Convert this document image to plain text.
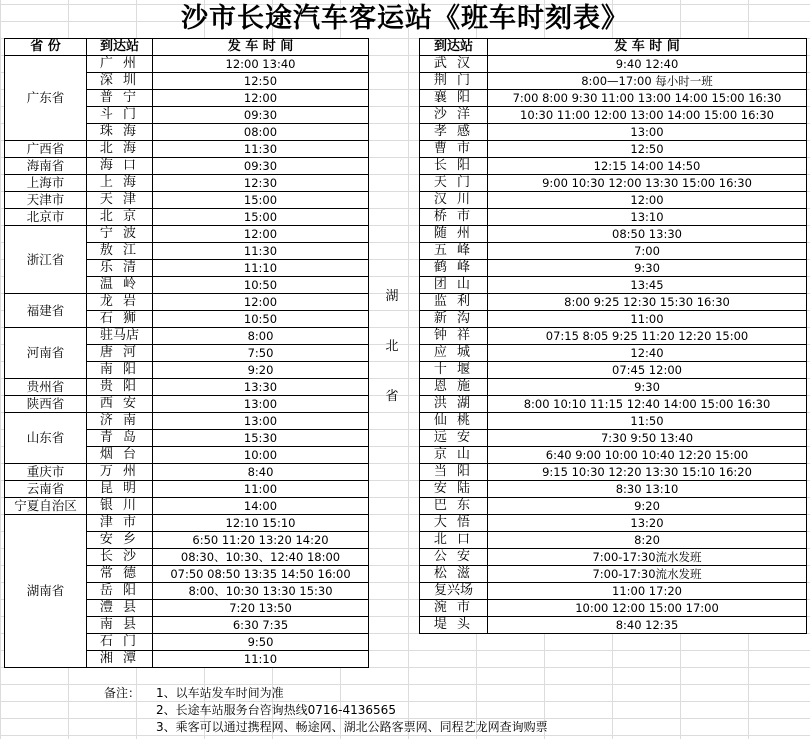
沙市长途汽车客运站《班车时刻表》
省 份	到达站	发 车 时 间
广东省	广 州	12:00 13:40
	深 圳	12:50
	普 宁	12:00
	斗 门	09:30
	珠 海	08:00
广西省	北 海	11:30
海南省	海 口	09:30
上海市	上 海	12:30
天津市	天 津	15:00
北京市	北 京	15:00
浙江省	宁 波	12:00
	敖 江	11:30
	乐 清	11:10
	温 岭	10:50
福建省	龙 岩	12:00
	石 狮	10:50
河南省	驻马店	8:00
	唐 河	7:50
	南 阳	9:20
贵州省	贵 阳	13:30
陕西省	西 安	13:00
山东省	济 南	13:00
	青 岛	15:30
	烟 台	10:00
重庆市	万 州	8:40
云南省	昆 明	11:00
宁夏自治区	银 川	14:00
湖南省	津 市	12:10 15:10
	安 乡	6:50 11:20 13:20 14:20
	长 沙	08:30、10:30、12:40 18:00
	常 德	07:50 08:50 13:35 14:50 16:00
	岳 阳	8:00、10:30 13:30 15:30
	澧 县	7:20 13:50
	南 县	6:30 7:35
	石 门	9:50
	湘 潭	11:10
到达站	发 车 时 间
武 汉	9:40 12:40
荆 门	8:00—17:00 每小时一班
襄 阳	7:00 8:00 9:30 11:00 13:00 14:00 15:00 16:30
沙 洋	10:30 11:00 12:00 13:00 14:00 15:00 16:30
孝 感	13:00
曹 市	12:50
长 阳	12:15 14:00 14:50
天 门	9:00 10:30 12:00 13:30 15:00 16:30
汉 川	12:00
桥 市	13:10
随 州	08:50 13:30
五 峰	7:00
鹤 峰	9:30
团 山	13:45
监 利	8:00 9:25 12:30 15:30 16:30
新 沟	11:00
钟 祥	07:15 8:05 9:25 11:20 12:20 15:00
应 城	12:40
十 堰	07:45 12:00
恩 施	9:30
洪 湖	8:00 10:10 11:15 12:40 14:00 15:00 16:30
仙 桃	11:50
远 安	7:30 9:50 13:40
京 山	6:40 9:00 10:00 10:40 12:20 15:00
当 阳	9:15 10:30 12:20 13:30 15:10 16:20
安 陆	8:30 13:10
巴 东	9:20
大 悟	13:20
北 口	8:20
公 安	7:00-17:30流水发班
松 滋	7:00-17:30流水发班
复兴场	11:00 17:20
涴 市	10:00 12:00 15:00 17:00
堤 头	8:40 12:35
湖
北
省
备注：	1、以车站发车时间为准
2、长途车站服务台咨询热线0716-4136565
3、乘客可以通过携程网、畅途网、湖北公路客票网、同程艺龙网查询购票
